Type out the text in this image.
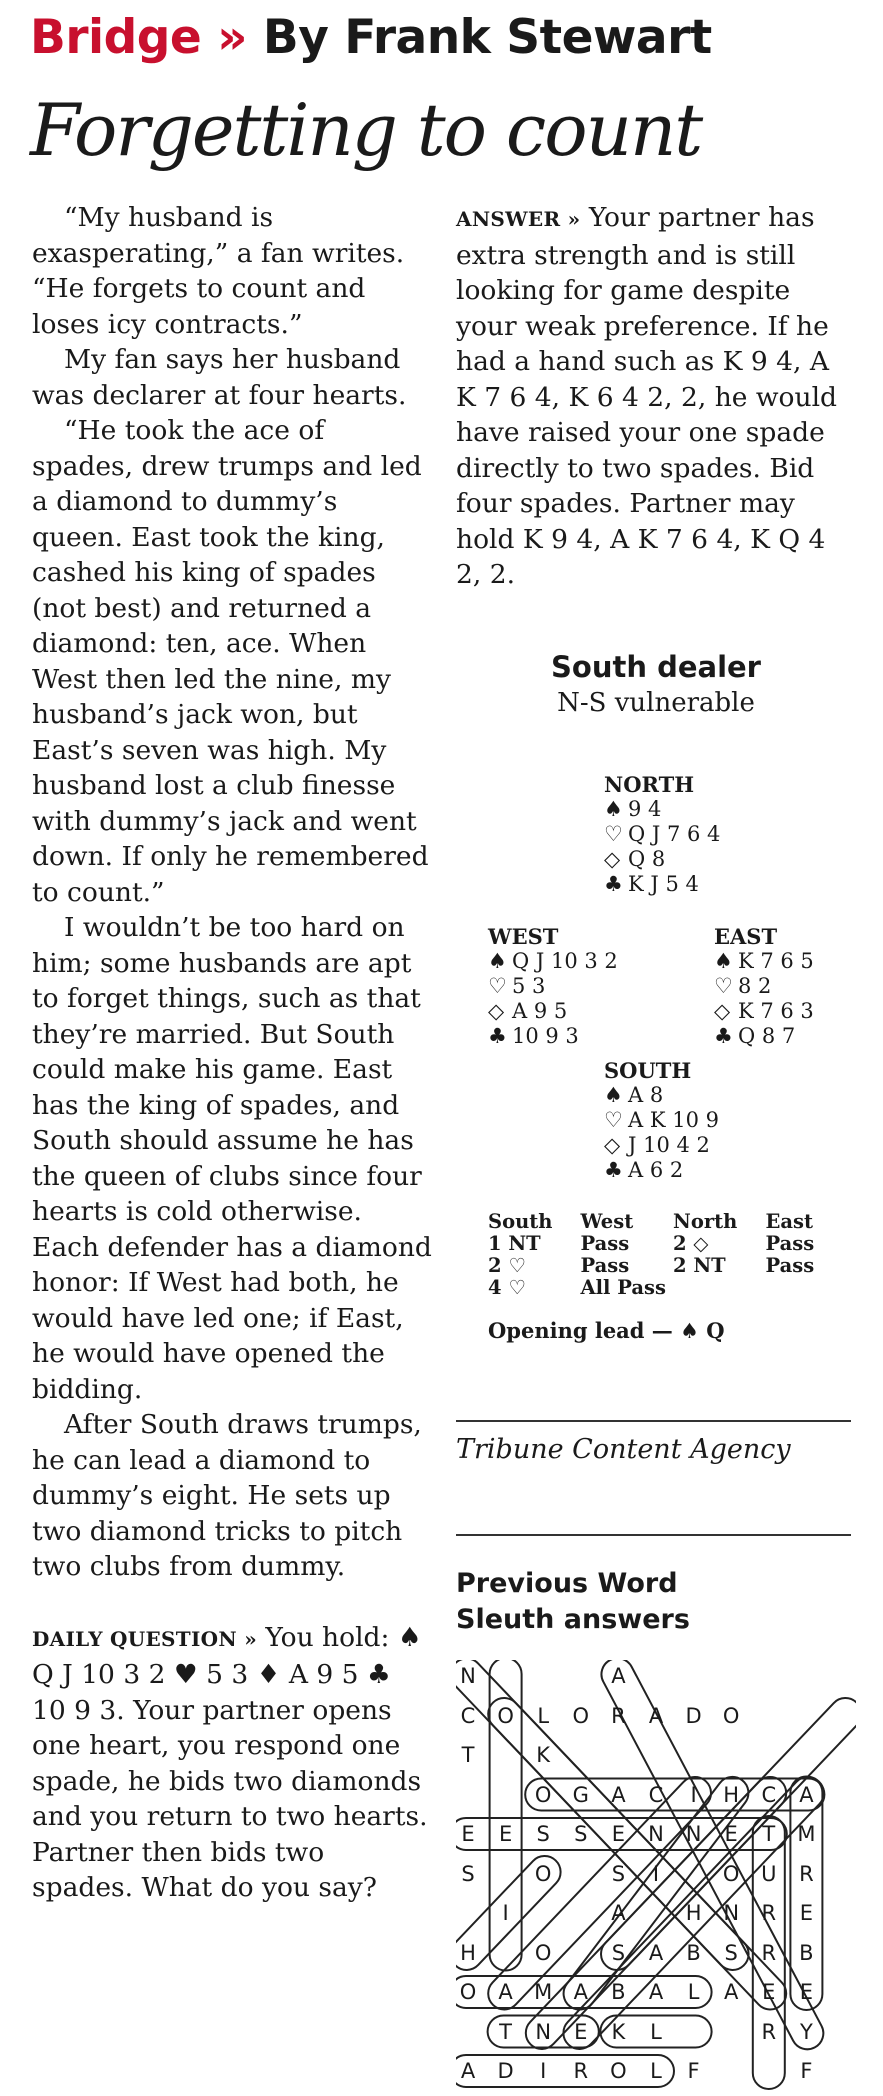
Bridge » By Frank Stewart
Forgetting to count

“My husband is exasperating,” a fan writes. “He forgets to count and loses icy contracts.”

My fan says her husband was declarer at four hearts.

“He took the ace of spades, drew trumps and led a diamond to dummy’s queen. East took the king, cashed his king of spades (not best) and returned a diamond: ten, ace. When West then led the nine, my husband’s jack won, but East’s seven was high. My husband lost a club finesse with dummy’s jack and went down. If only he remembered to count.”

I wouldn’t be too hard on him; some husbands are apt to forget things, such as that they’re married. But South could make his game. East has the king of spades, and South should assume he has the queen of clubs since four hearts is cold otherwise. Each defender has a diamond honor: If West had both, he would have led one; if East, he would have opened the bidding.

After South draws trumps, he can lead a diamond to dummy’s eight. He sets up two diamond tricks to pitch two clubs from dummy.

DAILY QUESTION » You hold: ♠ Q J 10 3 2 ♥ 5 3 ♦ A 9 5 ♣ 10 9 3. Your partner opens one heart, you respond one spade, he bids two diamonds and you return to two hearts. Partner then bids two spades. What do you say?

ANSWER » Your partner has extra strength and is still looking for game despite your weak preference. If he had a hand such as K 9 4, A K 7 6 4, K 6 4 2, 2, he would have raised your one spade directly to two spades. Bid four spades. Partner may hold K 9 4, A K 7 6 4, K Q 4 2, 2.

South dealer
N-S vulnerable
NORTH
♠ 9 4
♡ Q J 7 6 4
◇ Q 8
♣ K J 5 4
WEST
♠ Q J 10 3 2
♡ 5 3
◇ A 9 5
♣ 10 9 3
EAST
♠ K 7 6 5
♡ 8 2
◇ K 7 6 3
♣ Q 8 7
SOUTH
♠ A 8
♡ A K 10 9
◇ J 10 4 2
♣ A 6 2
South	West	North	East
1 NT	Pass	2 ◇	Pass
2 ♡	Pass	2 NT	Pass
4 ♡	All Pass
Opening lead — ♠ Q
Tribune Content Agency
Previous Word
Sleuth answers
N	A
C	O	L	O	R	A	D	O
T	K
O	G	A	C	I	H	C	A
E	E	S	S	E	N	N	E	T	M
S	O	S	I	O	U	R
I	A	H	N	R	E
H	O	S	A	B	S	R	B
O	A	M	A	B	A	L	A	E	E
T	N	E	K	L	R	Y
A	D	I	R	O	L	F	F
